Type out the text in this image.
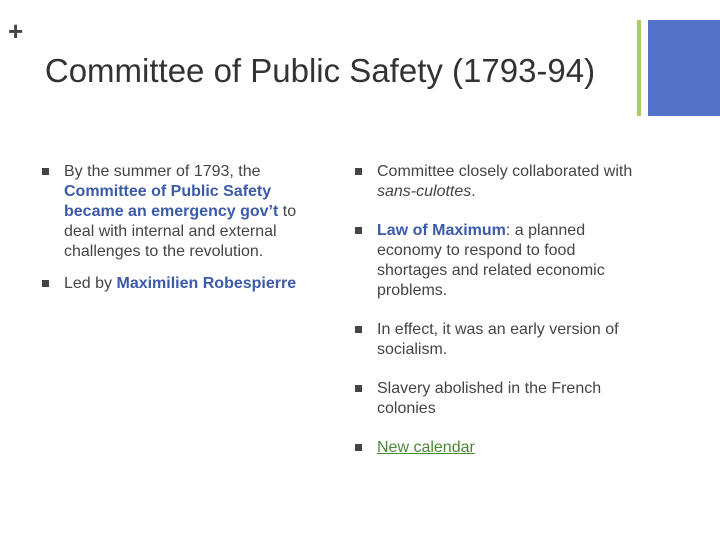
+
Committee of Public Safety (1793-94)
By the summer of 1793, the Committee of Public Safety became an emergency gov’t to deal with internal and external challenges to the revolution.
Led by Maximilien Robespierre
Committee closely collaborated with sans-culottes.
Law of Maximum: a planned economy to respond to food shortages and related economic problems.
In effect, it was an early version of socialism.
Slavery abolished in the French colonies
New calendar
